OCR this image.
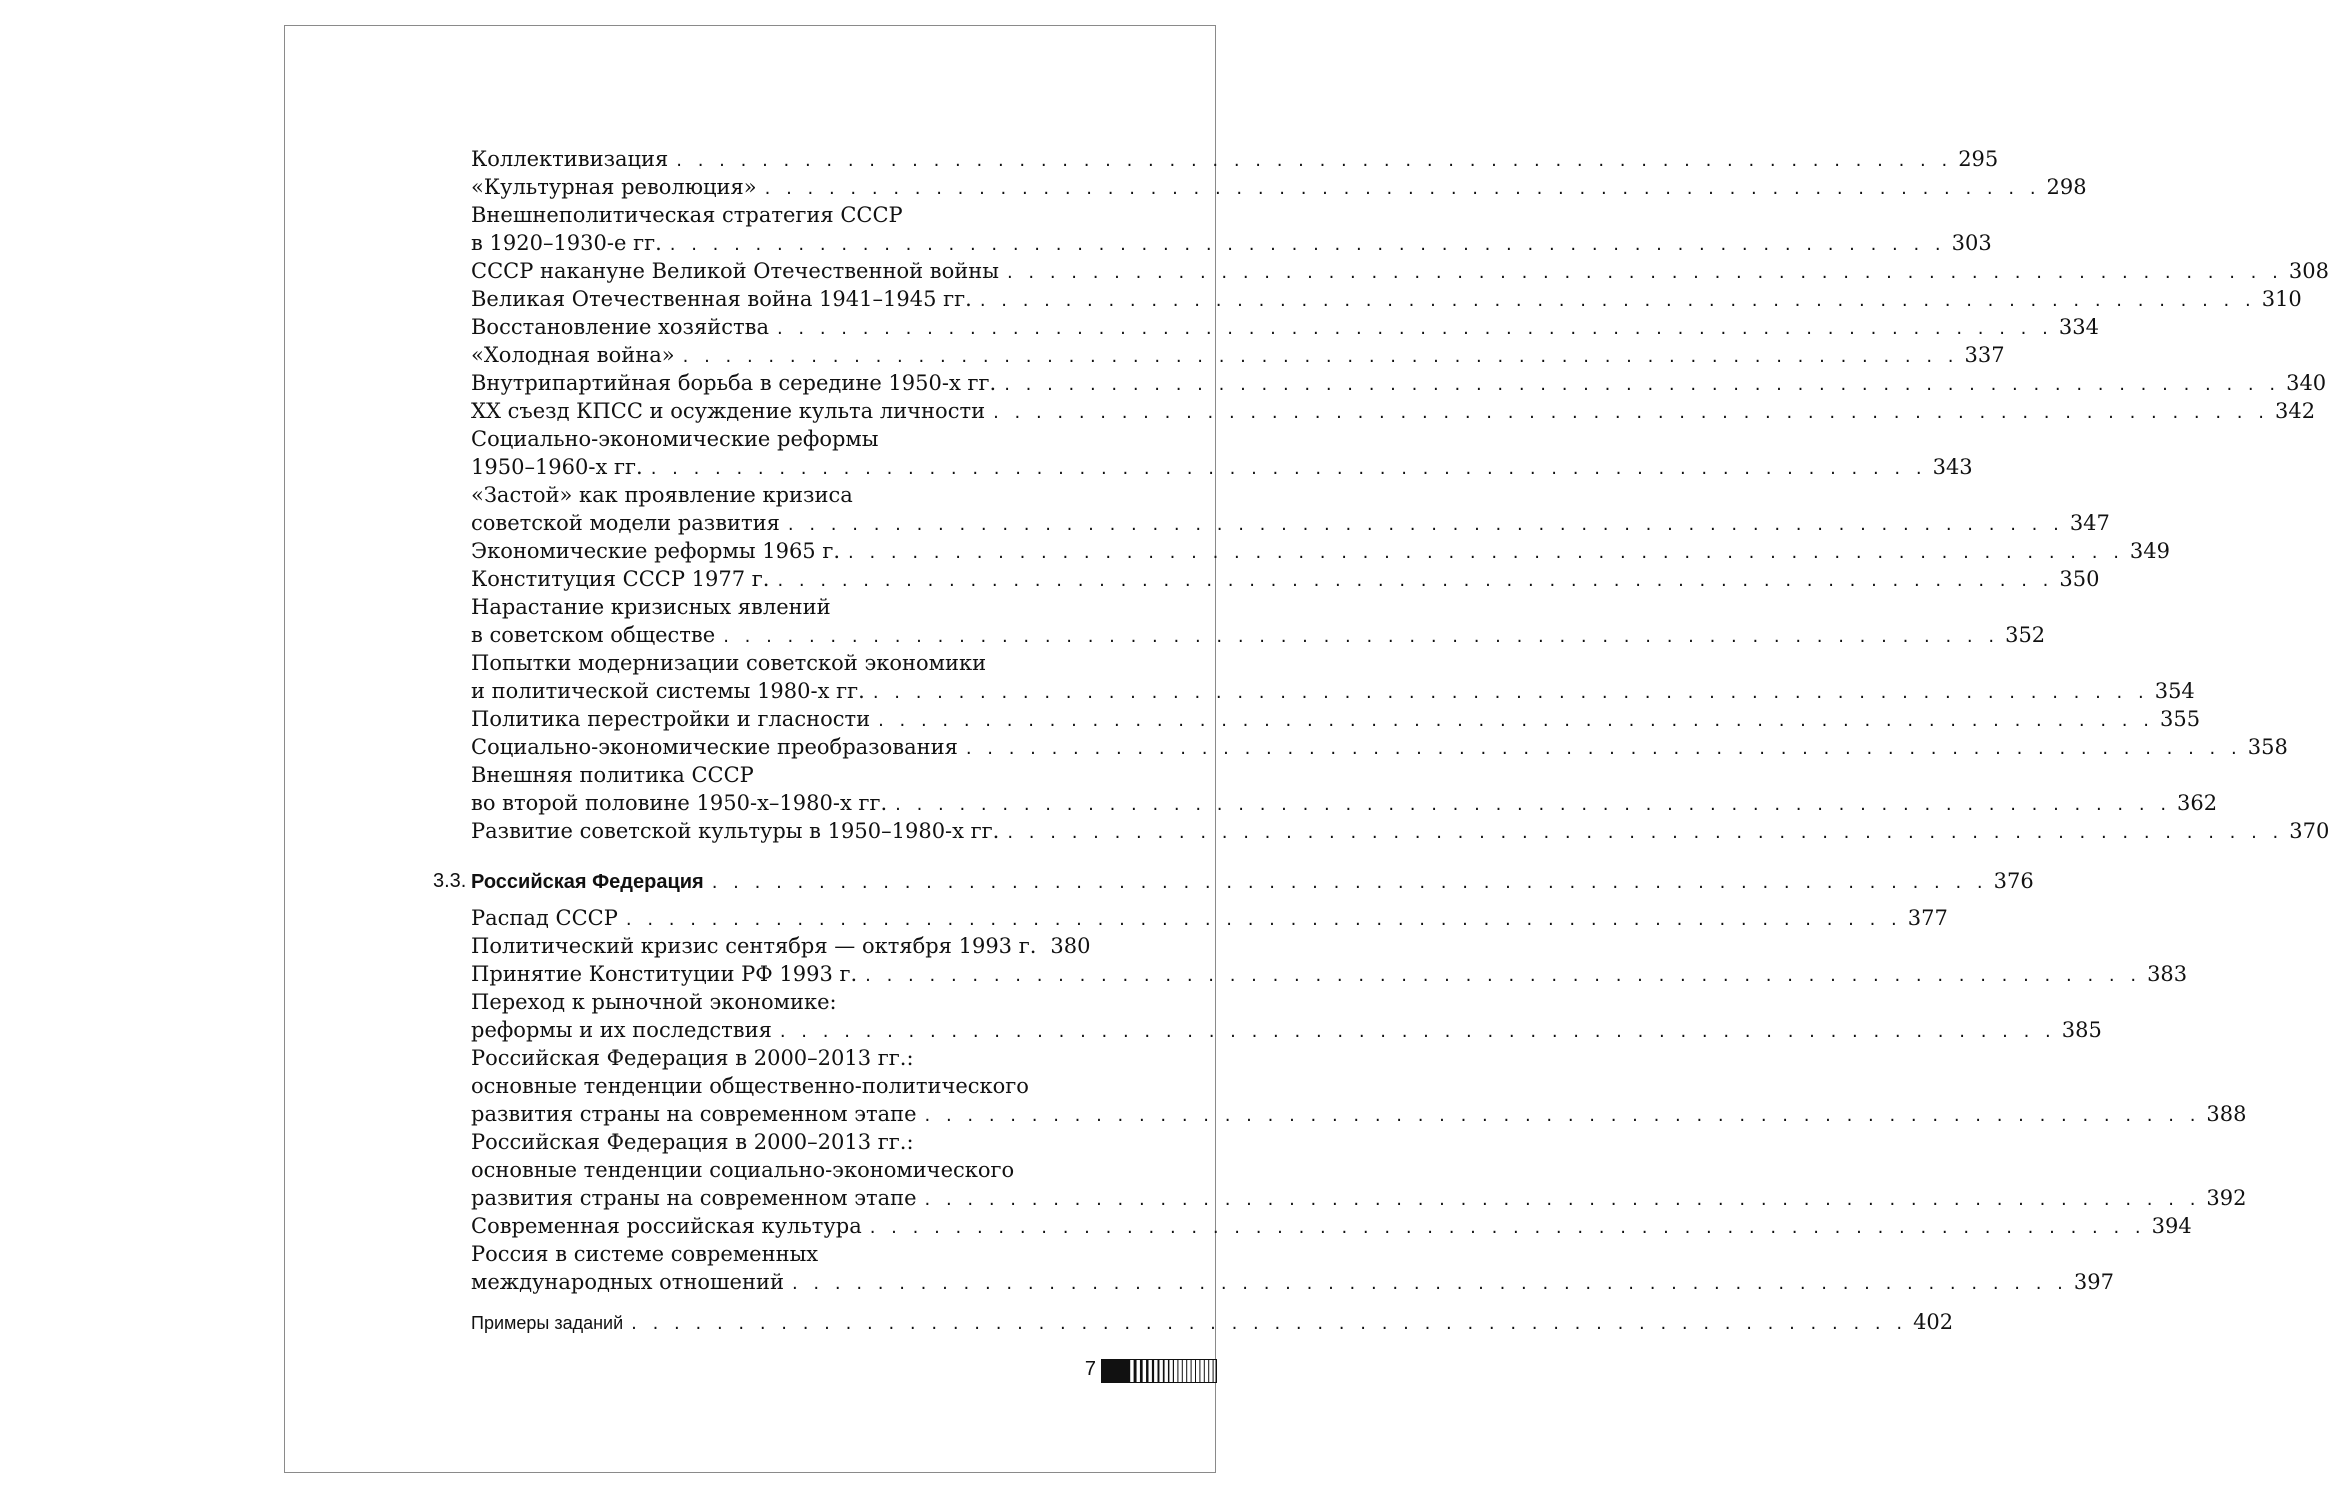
Коллективизация . . . . . . . . . . . . . . . . . . . . . . . . . . . . . . . . . . . . . . . . . . . . . . . . . . . . . . . . . . . . 295
«Культурная революция» . . . . . . . . . . . . . . . . . . . . . . . . . . . . . . . . . . . . . . . . . . . . . . . . . . . . . . . . . . . . 298
Внешнеполитическая стратегия СССР
в 1920–1930-е гг. . . . . . . . . . . . . . . . . . . . . . . . . . . . . . . . . . . . . . . . . . . . . . . . . . . . . . . . . . . . . 303
СССР накануне Великой Отечественной войны . . . . . . . . . . . . . . . . . . . . . . . . . . . . . . . . . . . . . . . . . . . . . . . . . . . . . . . . . . . . 308
Великая Отечественная война 1941–1945 гг. . . . . . . . . . . . . . . . . . . . . . . . . . . . . . . . . . . . . . . . . . . . . . . . . . . . . . . . . . . . . 310
Восстановление хозяйства . . . . . . . . . . . . . . . . . . . . . . . . . . . . . . . . . . . . . . . . . . . . . . . . . . . . . . . . . . . . 334
«Холодная война» . . . . . . . . . . . . . . . . . . . . . . . . . . . . . . . . . . . . . . . . . . . . . . . . . . . . . . . . . . . . 337
Внутрипартийная борьба в середине 1950-х гг. . . . . . . . . . . . . . . . . . . . . . . . . . . . . . . . . . . . . . . . . . . . . . . . . . . . . . . . . . . . . 340
XX съезд КПСС и осуждение культа личности . . . . . . . . . . . . . . . . . . . . . . . . . . . . . . . . . . . . . . . . . . . . . . . . . . . . . . . . . . . . 342
Социально-экономические реформы
1950–1960-х гг. . . . . . . . . . . . . . . . . . . . . . . . . . . . . . . . . . . . . . . . . . . . . . . . . . . . . . . . . . . . . 343
«Застой» как проявление кризиса
советской модели развития . . . . . . . . . . . . . . . . . . . . . . . . . . . . . . . . . . . . . . . . . . . . . . . . . . . . . . . . . . . . 347
Экономические реформы 1965 г. . . . . . . . . . . . . . . . . . . . . . . . . . . . . . . . . . . . . . . . . . . . . . . . . . . . . . . . . . . . . 349
Конституция СССР 1977 г. . . . . . . . . . . . . . . . . . . . . . . . . . . . . . . . . . . . . . . . . . . . . . . . . . . . . . . . . . . . . 350
Нарастание кризисных явлений
в советском обществе . . . . . . . . . . . . . . . . . . . . . . . . . . . . . . . . . . . . . . . . . . . . . . . . . . . . . . . . . . . . 352
Попытки модернизации советской экономики
и политической системы 1980-х гг. . . . . . . . . . . . . . . . . . . . . . . . . . . . . . . . . . . . . . . . . . . . . . . . . . . . . . . . . . . . . 354
Политика перестройки и гласности . . . . . . . . . . . . . . . . . . . . . . . . . . . . . . . . . . . . . . . . . . . . . . . . . . . . . . . . . . . . 355
Социально-экономические преобразования . . . . . . . . . . . . . . . . . . . . . . . . . . . . . . . . . . . . . . . . . . . . . . . . . . . . . . . . . . . . 358
Внешняя политика СССР
во второй половине 1950-х–1980-х гг. . . . . . . . . . . . . . . . . . . . . . . . . . . . . . . . . . . . . . . . . . . . . . . . . . . . . . . . . . . . . 362
Развитие советской культуры в 1950–1980-х гг. . . . . . . . . . . . . . . . . . . . . . . . . . . . . . . . . . . . . . . . . . . . . . . . . . . . . . . . . . . . . 370
3.3. Российская Федерация . . . . . . . . . . . . . . . . . . . . . . . . . . . . . . . . . . . . . . . . . . . . . . . . . . . . . . . . . . . . 376
Распад СССР . . . . . . . . . . . . . . . . . . . . . . . . . . . . . . . . . . . . . . . . . . . . . . . . . . . . . . . . . . . . 377
Политический кризис сентября — октября 1993 г. 380
Принятие Конституции РФ 1993 г. . . . . . . . . . . . . . . . . . . . . . . . . . . . . . . . . . . . . . . . . . . . . . . . . . . . . . . . . . . . . 383
Переход к рыночной экономике:
реформы и их последствия . . . . . . . . . . . . . . . . . . . . . . . . . . . . . . . . . . . . . . . . . . . . . . . . . . . . . . . . . . . . 385
Российская Федерация в 2000–2013 гг.:
основные тенденции общественно-политического
развития страны на современном этапе . . . . . . . . . . . . . . . . . . . . . . . . . . . . . . . . . . . . . . . . . . . . . . . . . . . . . . . . . . . . 388
Российская Федерация в 2000–2013 гг.:
основные тенденции социально-экономического
развития страны на современном этапе . . . . . . . . . . . . . . . . . . . . . . . . . . . . . . . . . . . . . . . . . . . . . . . . . . . . . . . . . . . . 392
Современная российская культура . . . . . . . . . . . . . . . . . . . . . . . . . . . . . . . . . . . . . . . . . . . . . . . . . . . . . . . . . . . . 394
Россия в системе современных
международных отношений . . . . . . . . . . . . . . . . . . . . . . . . . . . . . . . . . . . . . . . . . . . . . . . . . . . . . . . . . . . . 397
Примеры заданий . . . . . . . . . . . . . . . . . . . . . . . . . . . . . . . . . . . . . . . . . . . . . . . . . . . . . . . . . . . . 402
7
